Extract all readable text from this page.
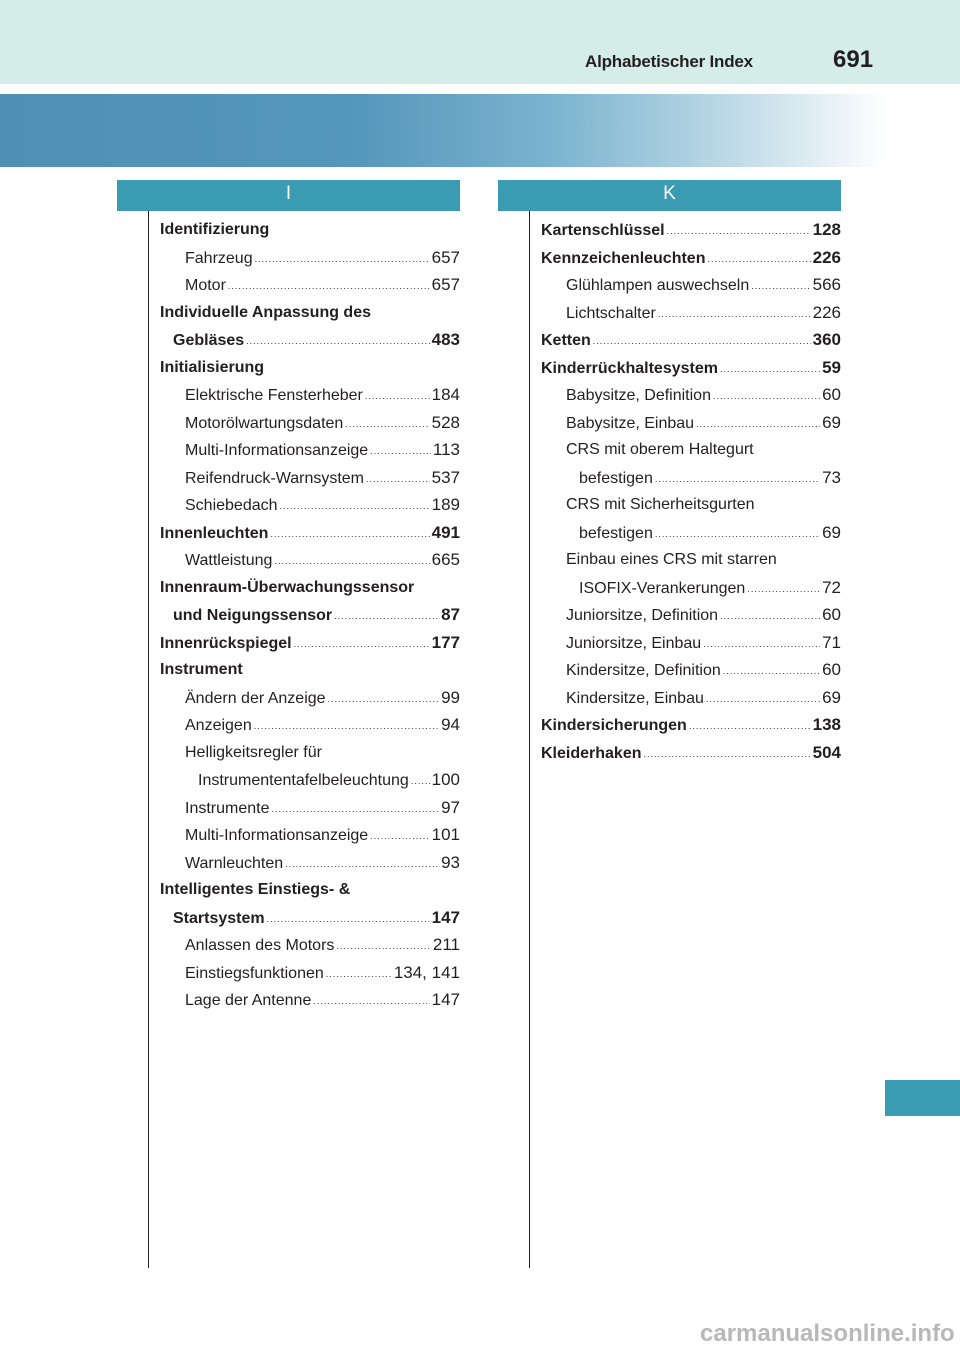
Alphabetischer Index	691
I	K
Identifizierung
Fahrzeug .....	657
Motor .....	657
Individuelle Anpassung des
Gebläses .....	483
Initialisierung
Elektrische Fensterheber .....	184
Motorölwartungsdaten .....	528
Multi-Informationsanzeige .....	113
Reifendruck-Warnsystem .....	537
Schiebedach .....	189
Innenleuchten .....	491
Wattleistung .....	665
Innenraum-Überwachungssensor
und Neigungssensor .....	87
Innenrückspiegel .....	177
Instrument
Ändern der Anzeige .....	99
Anzeigen .....	94
Helligkeitsregler für
Instrumententafelbeleuchtung ..... 100
Instrumente .....	97
Multi-Informationsanzeige .....	101
Warnleuchten .....	93
Intelligentes Einstiegs- &
Startsystem .....	147
Anlassen des Motors .....	211
Einstiegsfunktionen .....	134, 141
Lage der Antenne .....	147
Kartenschlüssel .....	128
Kennzeichenleuchten .....	226
Glühlampen auswechseln .....	566
Lichtschalter .....	226
Ketten .....	360
Kinderrückhaltesystem .....	59
Babysitze, Definition .....	60
Babysitze, Einbau .....	69
CRS mit oberem Haltegurt
befestigen .....	73
CRS mit Sicherheitsgurten
befestigen .....	69
Einbau eines CRS mit starren
ISOFIX-Verankerungen .....	72
Juniorsitze, Definition .....	60
Juniorsitze, Einbau .....	71
Kindersitze, Definition .....	60
Kindersitze, Einbau .....	69
Kindersicherungen .....	138
Kleiderhaken .....	504
carmanualsonline.info
